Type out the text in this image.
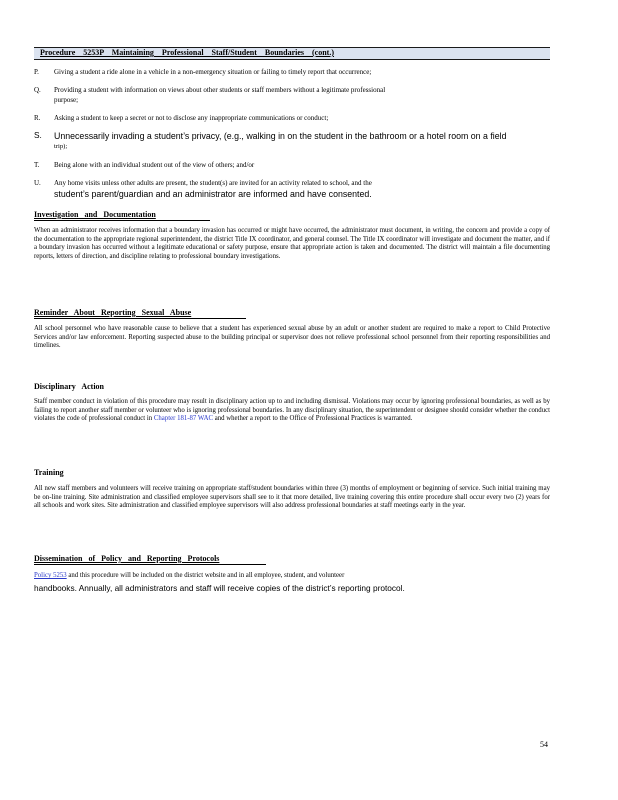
Procedure 5253P Maintaining Professional Staff/Student Boundaries (cont.)
P. Giving a student a ride alone in a vehicle in a non-emergency situation or failing to timely report that occurrence;
Q. Providing a student with information on views about other students or staff members without a legitimate professional
purpose;
R. Asking a student to keep a secret or not to disclose any inappropriate communications or conduct;
S. Unnecessarily invading a student’s privacy, (e.g., walking in on the student in the bathroom or a hotel room on a field
trip);
T. Being alone with an individual student out of the view of others; and/or
U. Any home visits unless other adults are present, the student(s) are invited for an activity related to school, and the
student’s parent/guardian and an administrator are informed and have consented.
Investigation and Documentation
When an administrator receives information that a boundary invasion has occurred or might have occurred, the administrator must document, in writing, the concern and provide a copy of the documentation to the appropriate regional superintendent, the district Title IX coordinator, and general counsel. The Title IX coordinator will investigate and document the matter, and if a boundary invasion has occurred without a legitimate educational or safety purpose, ensure that appropriate action is taken and documented. The district will maintain a file documenting reports, letters of direction, and discipline relating to professional boundary investigations.
Reminder About Reporting Sexual Abuse
All school personnel who have reasonable cause to believe that a student has experienced sexual abuse by an adult or another student are required to make a report to Child Protective Services and/or law enforcement. Reporting suspected abuse to the building principal or supervisor does not relieve professional school personnel from their reporting responsibilities and timelines.
Disciplinary Action
Staff member conduct in violation of this procedure may result in disciplinary action up to and including dismissal. Violations may occur by ignoring professional boundaries, as well as by failing to report another staff member or volunteer who is ignoring professional boundaries. In any disciplinary situation, the superintendent or designee should consider whether the conduct violates the code of professional conduct in Chapter 181-87 WAC and whether a report to the Office of Professional Practices is warranted.
Training
All new staff members and volunteers will receive training on appropriate staff/student boundaries within three (3) months of employment or beginning of service. Such initial training may be on-line training. Site administration and classified employee supervisors shall see to it that more detailed, live training covering this entire procedure shall occur every two (2) years for all schools and work sites. Site administration and classified employee supervisors will also address professional boundaries at staff meetings early in the year.
Dissemination of Policy and Reporting Protocols
Policy 5253 and this procedure will be included on the district website and in all employee, student, and volunteer
handbooks. Annually, all administrators and staff will receive copies of the district’s reporting protocol.
54
